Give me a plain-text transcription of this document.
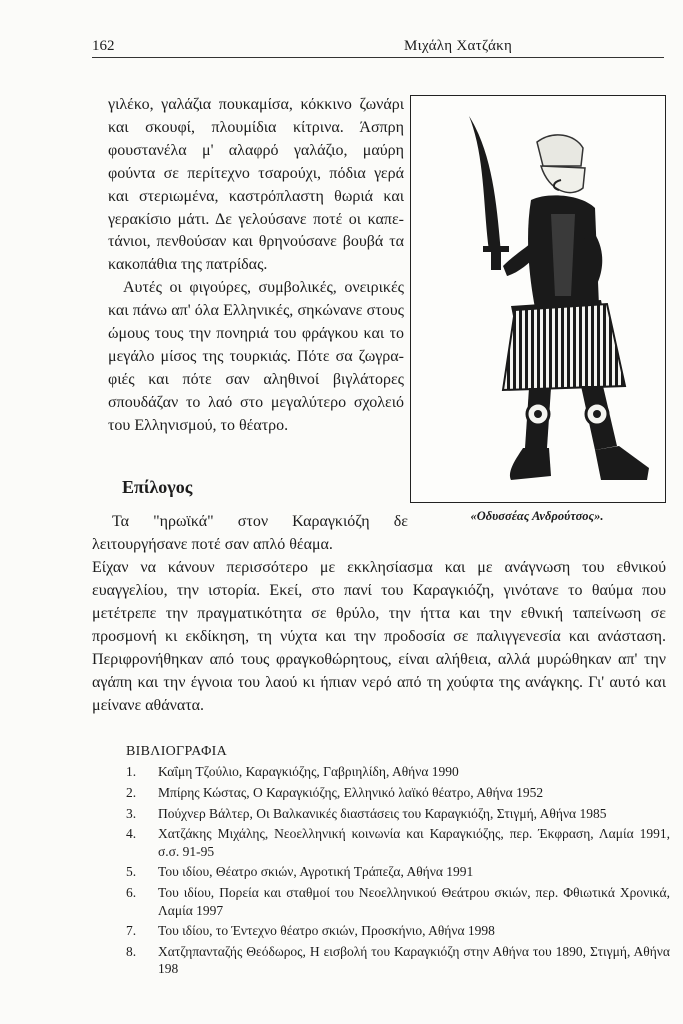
162	Μιχάλη Χατζάκη

γιλέκο, γαλάζια πουκαμίσα, κόκκινο ζωνάρι και σκουφί, πλουμίδια κίτρινα. Άσπρη φουστανέλα μ' αλαφρό γαλάζιο, μαύρη φούντα σε περίτεχνο τσαρούχι, πόδια γερά και στεριωμένα, καστρόπλαστη θωριά και γερακίσιο μάτι. Δε γελούσανε ποτέ οι καπετάνιοι, πενθούσαν και θρηνούσανε βουβά τα κακοπάθια της πατρίδας.

Αυτές οι φιγούρες, συμβολικές, ονειρικές και πάνω απ' όλα Ελληνικές, σηκώνανε στους ώμους τους την πονηριά του φράγκου και το μεγάλο μίσος της τουρκιάς. Πότε σα ζωγραφιές και πότε σαν αληθινοί βιγλάτορες σπουδάζαν το λαό στο μεγαλύτερο σχολειό του Ελληνισμού, το θέατρο.

«Οδυσσέας Ανδρούτσος».
Επίλογος

Τα "ηρωϊκά" στον Καραγκιόζη δε λειτουργήσανε ποτέ σαν απλό θέαμα.

Είχαν να κάνουν περισσότερο με εκκλησίασμα και με ανάγνωση του εθνικού ευαγγελίου, την ιστορία. Εκεί, στο πανί του Καραγκιόζη, γινότανε το θαύμα που μετέτρεπε την πραγματικότητα σε θρύλο, την ήττα και την εθνική ταπείνωση σε προσμονή κι εκδίκηση, τη νύχτα και την προδοσία σε παλιγγενεσία και ανάσταση. Περιφρονήθηκαν από τους φραγκοθώρητους, είναι αλήθεια, αλλά μυρώθηκαν απ' την αγάπη και την έγνοια του λαού κι ήπιαν νερό από τη χούφτα της ανάγκης. Γι' αυτό και μείνανε αθάνατα.

ΒΙΒΛΙΟΓΡΑΦΙΑ
1. Καΐμη Τζούλιο, Καραγκιόζης, Γαβριηλίδη, Αθήνα 1990
2. Μπίρης Κώστας, Ο Καραγκιόζης, Ελληνικό λαϊκό θέατρο, Αθήνα 1952
3. Πούχνερ Βάλτερ, Οι Βαλκανικές διαστάσεις του Καραγκιόζη, Στιγμή, Αθήνα 1985
4. Χατζάκης Μιχάλης, Νεοελληνική κοινωνία και Καραγκιόζης, περ. Έκφραση, Λαμία 1991, σ.σ. 91-95
5. Του ιδίου, Θέατρο σκιών, Αγροτική Τράπεζα, Αθήνα 1991
6. Του ιδίου, Πορεία και σταθμοί του Νεοελληνικού Θεάτρου σκιών, περ. Φθιωτικά Χρονικά, Λαμία 1997
7. Του ιδίου, το Έντεχνο θέατρο σκιών, Προσκήνιο, Αθήνα 1998
8. Χατζηπανταζής Θεόδωρος, Η εισβολή του Καραγκιόζη στην Αθήνα του 1890, Στιγμή, Αθήνα 198
